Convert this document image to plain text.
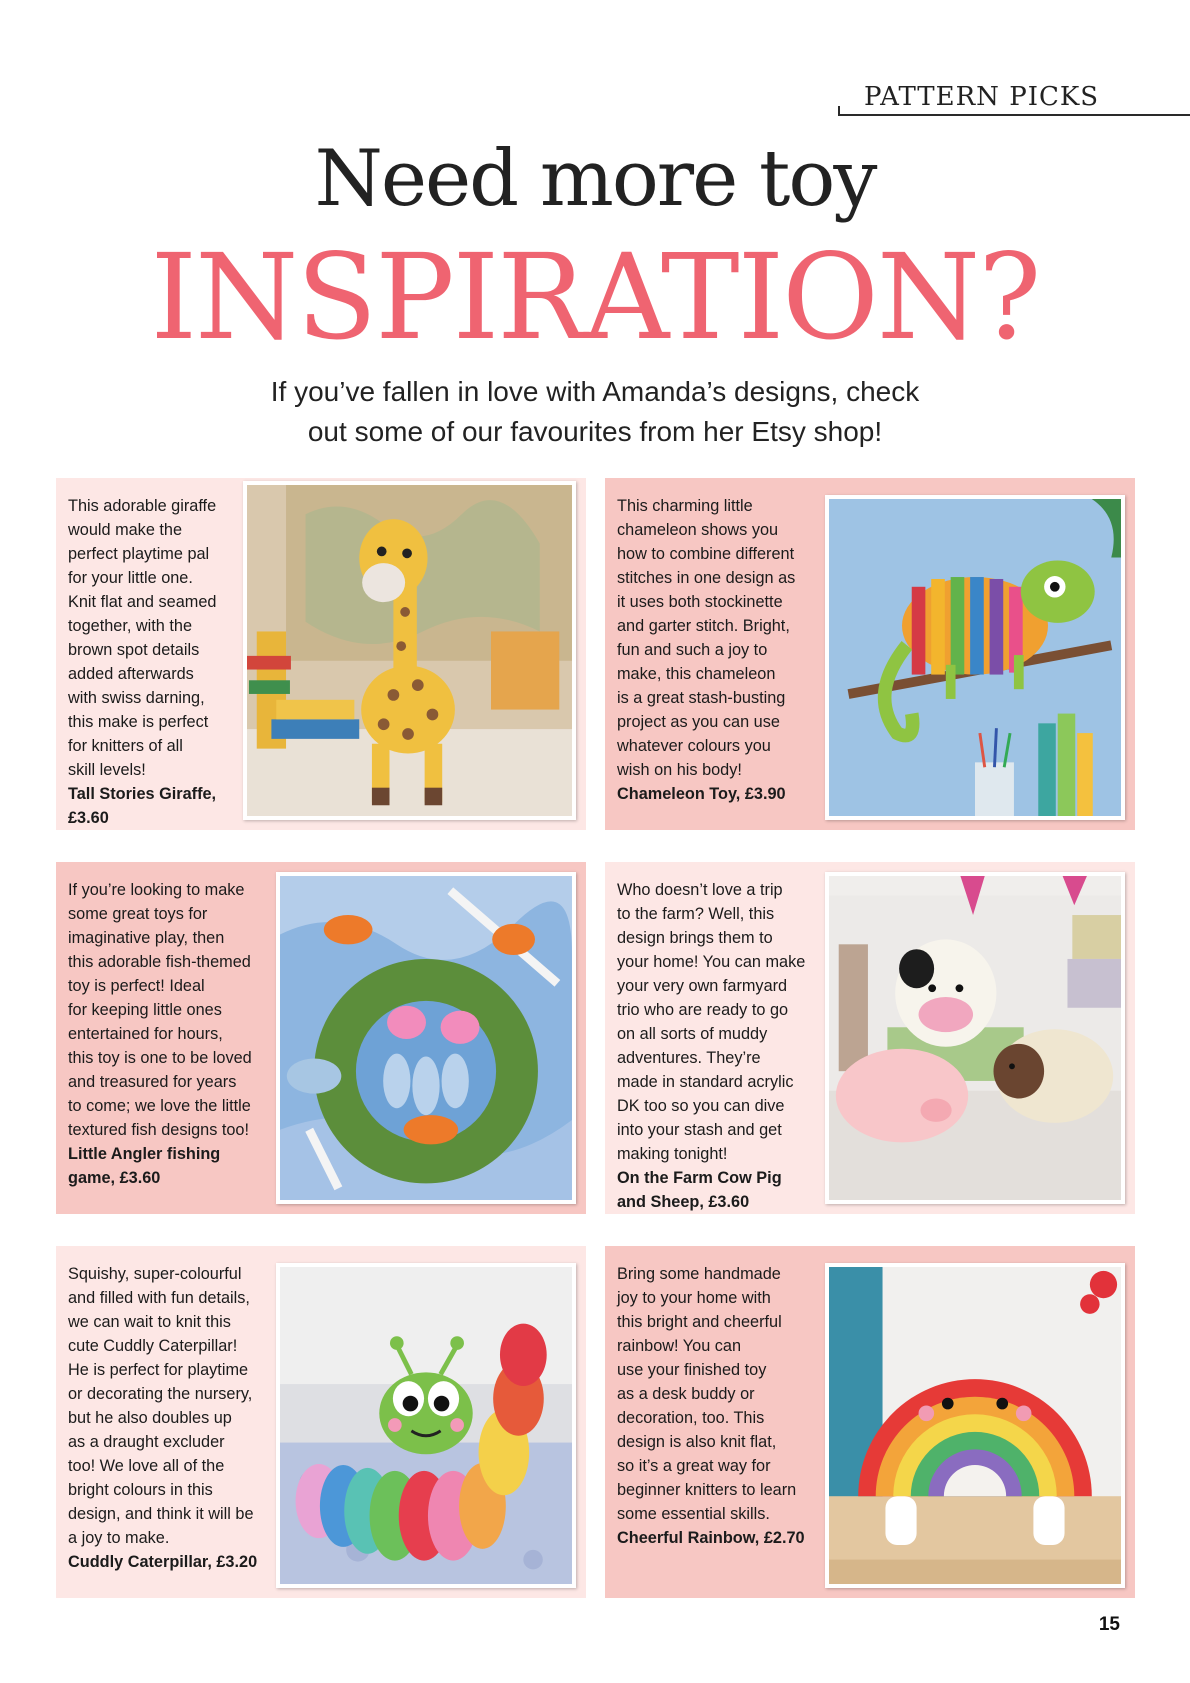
PATTERN PICKS
Need more toy
INSPIRATION?
If you’ve fallen in love with Amanda’s designs, check
out some of our favourites from her Etsy shop!
This adorable giraffe
would make the
perfect playtime pal
for your little one.
Knit flat and seamed
together, with the
brown spot details
added afterwards
with swiss darning,
this make is perfect
for knitters of all
skill levels!
Tall Stories Giraffe,
£3.60
This charming little
chameleon shows you
how to combine different
stitches in one design as
it uses both stockinette
and garter stitch. Bright,
fun and such a joy to
make, this chameleon
is a great stash-busting
project as you can use
whatever colours you
wish on his body!
Chameleon Toy, £3.90
If you’re looking to make
some great toys for
imaginative play, then
this adorable fish-themed
toy is perfect! Ideal
for keeping little ones
entertained for hours,
this toy is one to be loved
and treasured for years
to come; we love the little
textured fish designs too!
Little Angler fishing
game, £3.60
Who doesn’t love a trip
to the farm? Well, this
design brings them to
your home! You can make
your very own farmyard
trio who are ready to go
on all sorts of muddy
adventures. They’re
made in standard acrylic
DK too so you can dive
into your stash and get
making tonight!
On the Farm Cow Pig
and Sheep, £3.60
Squishy, super-colourful
and filled with fun details,
we can wait to knit this
cute Cuddly Caterpillar!
He is perfect for playtime
or decorating the nursery,
but he also doubles up
as a draught excluder
too! We love all of the
bright colours in this
design, and think it will be
a joy to make.
Cuddly Caterpillar, £3.20
Bring some handmade
joy to your home with
this bright and cheerful
rainbow! You can
use your finished toy
as a desk buddy or
decoration, too. This
design is also knit flat,
so it’s a great way for
beginner knitters to learn
some essential skills.
Cheerful Rainbow, £2.70
15
